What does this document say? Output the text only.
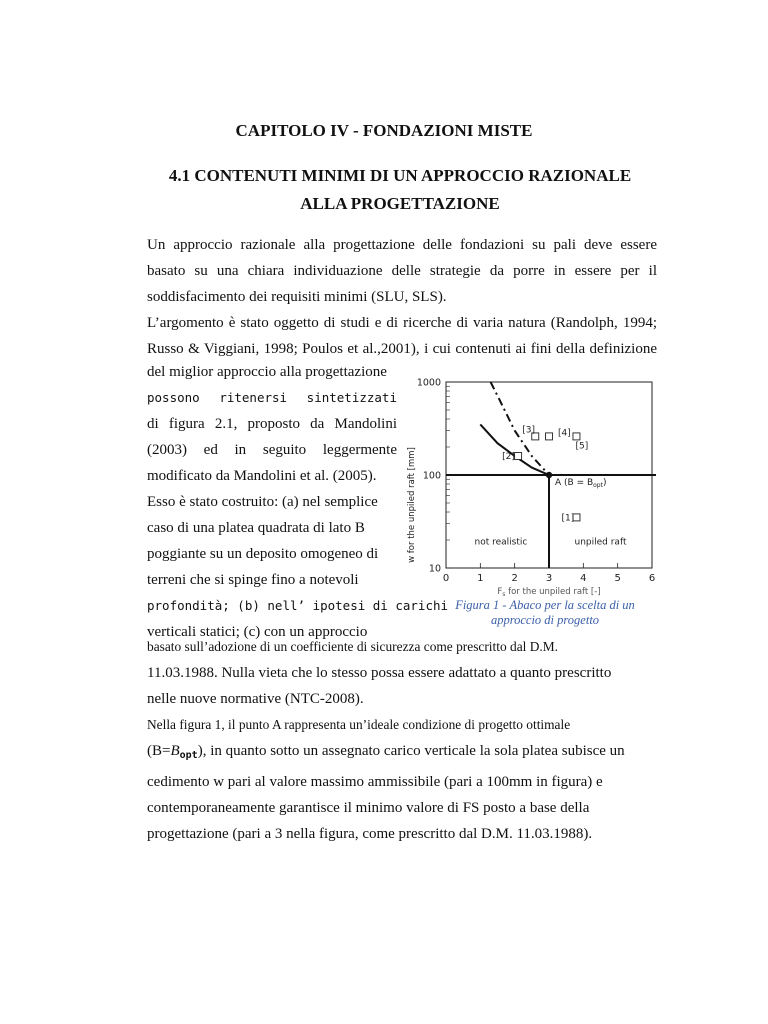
CAPITOLO IV - FONDAZIONI MISTE
4.1 CONTENUTI MINIMI DI UN APPROCCIO RAZIONALE
ALLA PROGETTAZIONE
Un approccio razionale alla progettazione delle fondazioni su pali deve essere
basato su una chiara individuazione delle strategie da porre in essere per il
soddisfacimento dei requisiti minimi (SLU, SLS).
L’argomento è stato oggetto di studi e di ricerche di varia natura (Randolph, 1994;
Russo & Viggiani, 1998; Poulos et al.,2001), i cui contenuti ai fini della definizione
del miglior approccio alla progettazione
possono ritenersi sintetizzati
di figura 2.1, proposto da Mandolini
(2003) ed in seguito leggermente
modificato da Mandolini et al. (2005).
Esso è stato costruito: (a) nel semplice
caso di una platea quadrata di lato B
poggiante su un deposito omogeneo di
terreni che si spinge fino a notevoli
profondità; (b) nell’ ipotesi di carichi
verticali statici; (c) con un approccio
0	1	2	3	4	5	6
1000
100
10
A $(B = B_{opt})$
[3]	[4]
[5]
[2]
[1]
not realistic	unpiled raft
$F_s$ for the unpiled raft [-]
w for the unpiled raft [mm]
Figura 1 - Abaco per la scelta di un
approccio di progetto
basato sull’adozione di un coefficiente di sicurezza come prescritto dal D.M.
11.03.1988. Nulla vieta che lo stesso possa essere adattato a quanto prescritto
nelle nuove normative (NTC-2008).
Nella figura 1, il punto A rappresenta un’ideale condizione di progetto ottimale
$(B=B_{opt})$, in quanto sotto un assegnato carico verticale la sola platea subisce un
cedimento w pari al valore massimo ammissibile (pari a 100mm in figura) e
contemporaneamente garantisce il minimo valore di FS posto a base della
progettazione (pari a 3 nella figura, come prescritto dal D.M. 11.03.1988).
